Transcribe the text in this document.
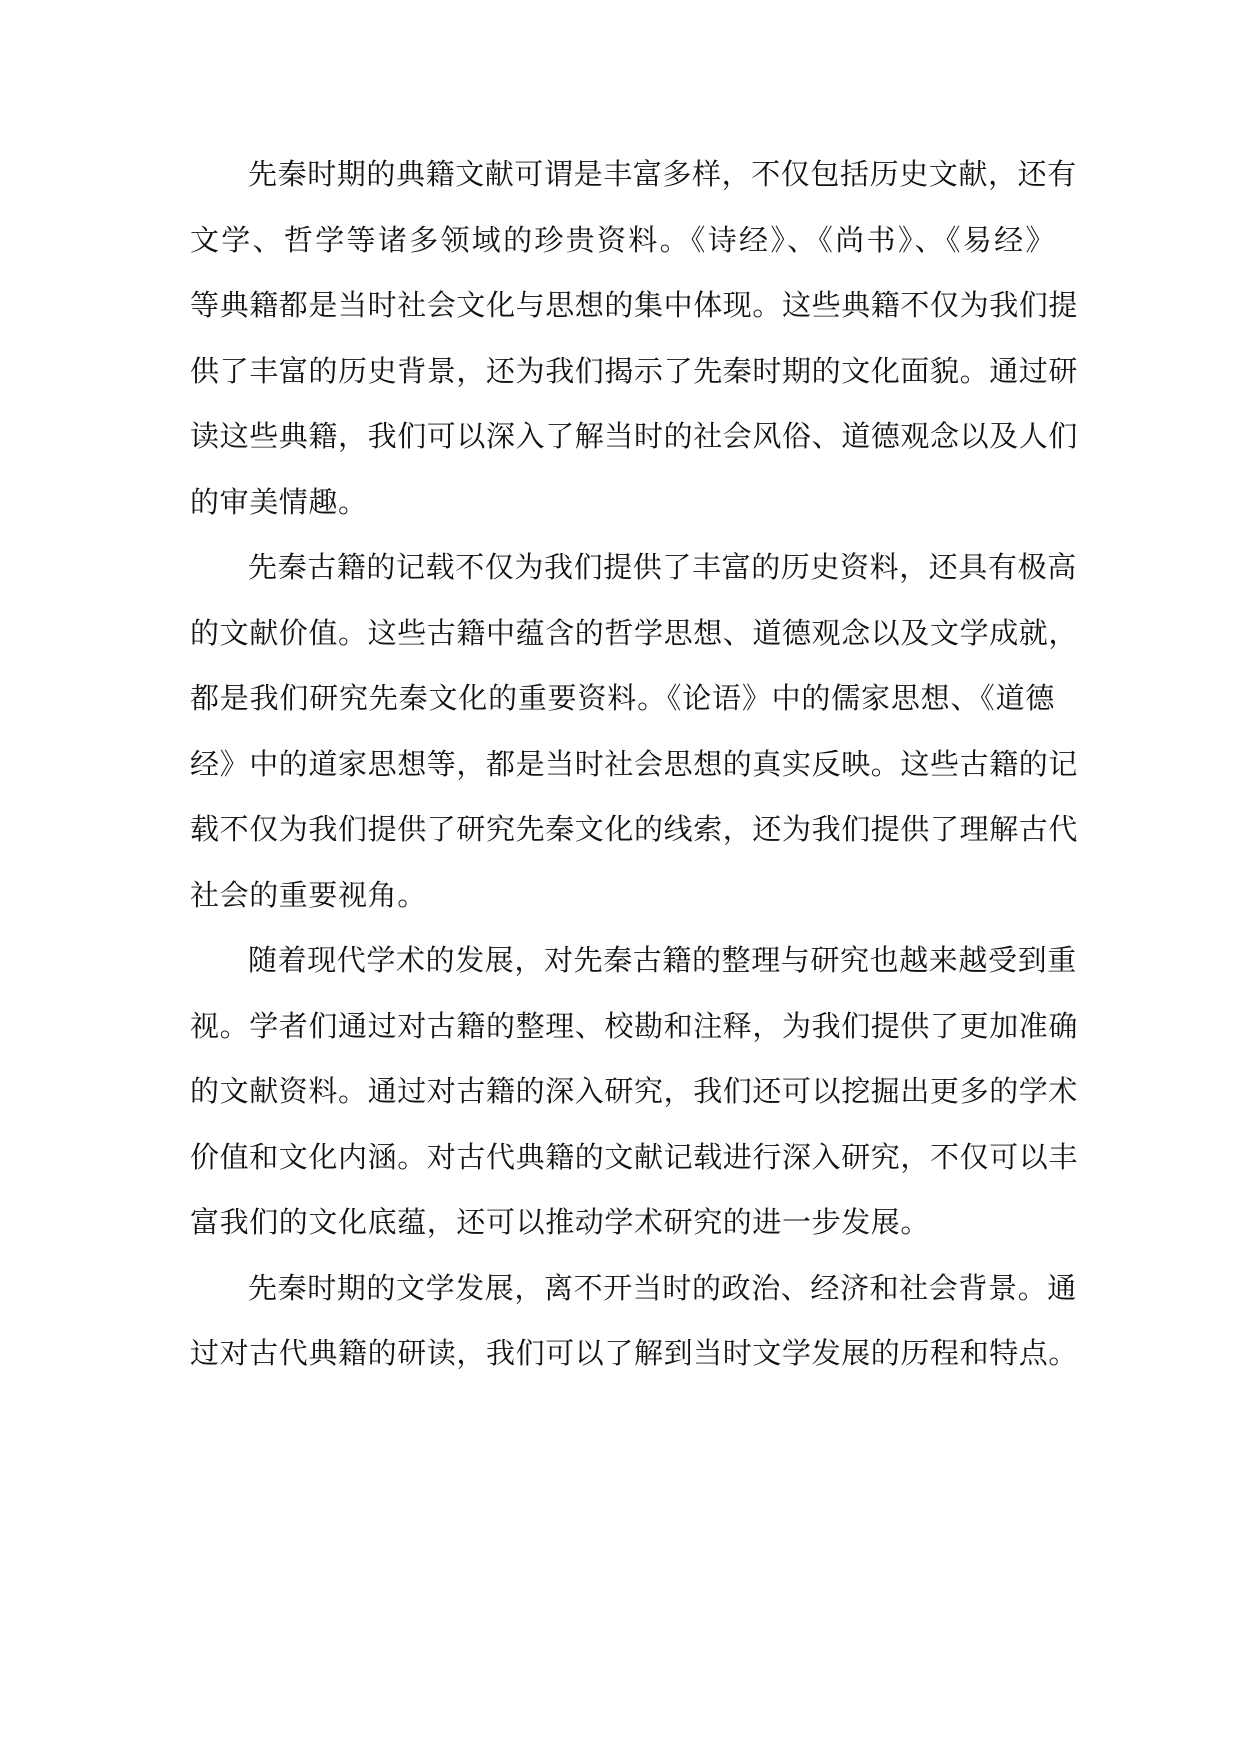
先秦时期的典籍文献可谓是丰富多样，不仅包括历史文献，还有
文学、哲学等诸多领域的珍贵资料。《诗经》、《尚书》、《易经》
等典籍都是当时社会文化与思想的集中体现。这些典籍不仅为我们提
供了丰富的历史背景，还为我们揭示了先秦时期的文化面貌。通过研
读这些典籍，我们可以深入了解当时的社会风俗、道德观念以及人们
的审美情趣。

先秦古籍的记载不仅为我们提供了丰富的历史资料，还具有极高
的文献价值。这些古籍中蕴含的哲学思想、道德观念以及文学成就，
都是我们研究先秦文化的重要资料。《论语》中的儒家思想、《道德
经》中的道家思想等，都是当时社会思想的真实反映。这些古籍的记
载不仅为我们提供了研究先秦文化的线索，还为我们提供了理解古代
社会的重要视角。

随着现代学术的发展，对先秦古籍的整理与研究也越来越受到重
视。学者们通过对古籍的整理、校勘和注释，为我们提供了更加准确
的文献资料。通过对古籍的深入研究，我们还可以挖掘出更多的学术
价值和文化内涵。对古代典籍的文献记载进行深入研究，不仅可以丰
富我们的文化底蕴，还可以推动学术研究的进一步发展。

先秦时期的文学发展，离不开当时的政治、经济和社会背景。通
过对古代典籍的研读，我们可以了解到当时文学发展的历程和特点。
